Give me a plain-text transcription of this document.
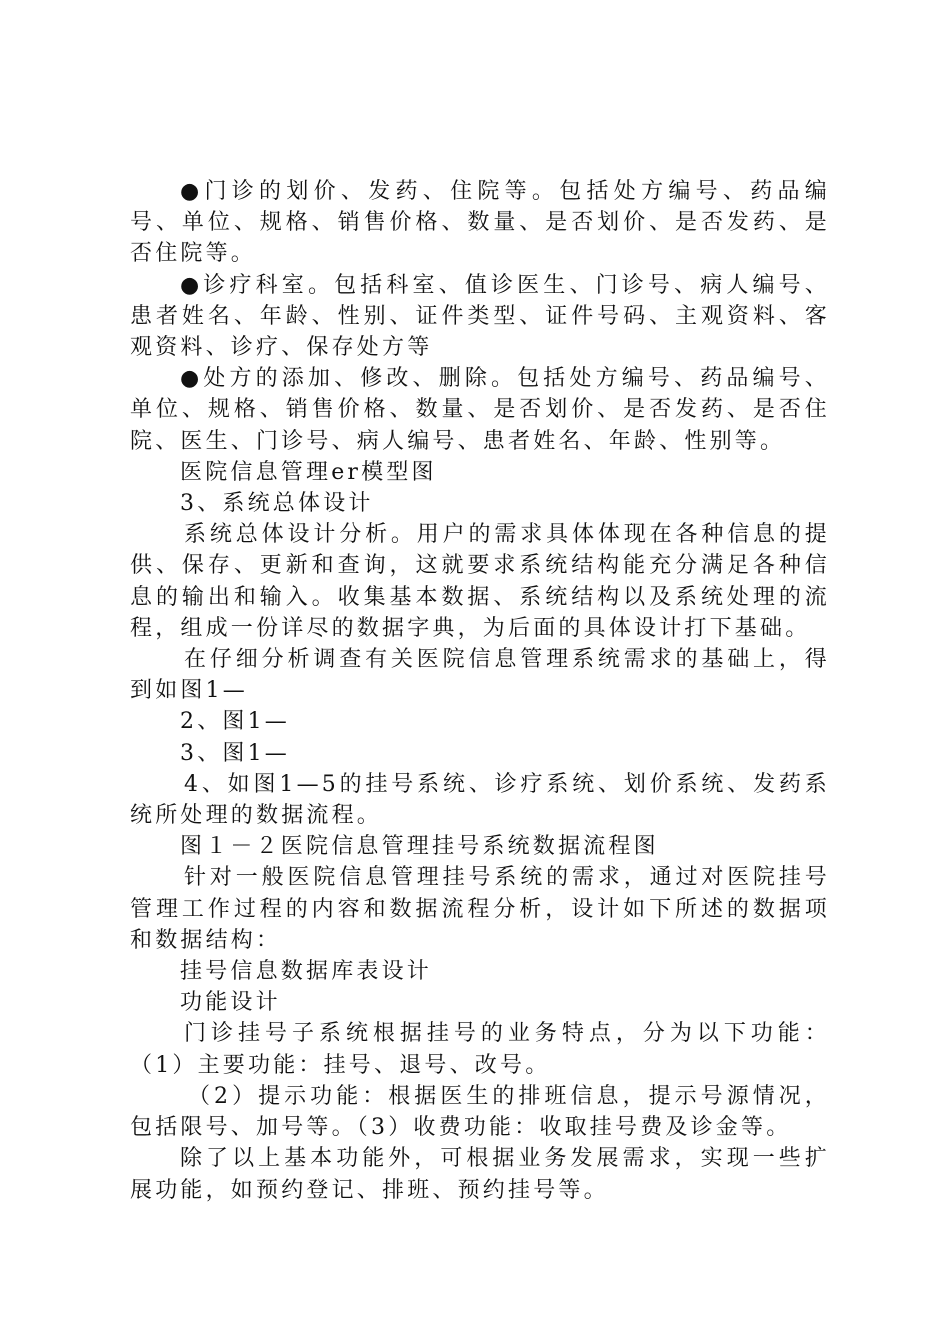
●门诊的划价、发药、住院等。包括处方编号、药品编号、单位、规格、销售价格、数量、是否划价、是否发药、是否住院等。

●诊疗科室。包括科室、值诊医生、门诊号、病人编号、患者姓名、年龄、性别、证件类型、证件号码、主观资料、客观资料、诊疗、保存处方等

●处方的添加、修改、删除。包括处方编号、药品编号、单位、规格、销售价格、数量、是否划价、是否发药、是否住院、医生、门诊号、病人编号、患者姓名、年龄、性别等。

医院信息管理er模型图

3、系统总体设计

系统总体设计分析。用户的需求具体体现在各种信息的提供、保存、更新和查询，这就要求系统结构能充分满足各种信息的输出和输入。收集基本数据、系统结构以及系统处理的流程，组成一份详尽的数据字典，为后面的具体设计打下基础。

在仔细分析调查有关医院信息管理系统需求的基础上，得到如图1—

2、图1—

3、图1—

4、如图1—5的挂号系统、诊疗系统、划价系统、发药系统所处理的数据流程。

图１－２医院信息管理挂号系统数据流程图

针对一般医院信息管理挂号系统的需求，通过对医院挂号管理工作过程的内容和数据流程分析，设计如下所述的数据项和数据结构：

挂号信息数据库表设计

功能设计

门诊挂号子系统根据挂号的业务特点，分为以下功能：（1）主要功能：挂号、退号、改号。

（2）提示功能：根据医生的排班信息，提示号源情况，包括限号、加号等。（3）收费功能：收取挂号费及诊金等。

除了以上基本功能外，可根据业务发展需求，实现一些扩展功能，如预约登记、排班、预约挂号等。
